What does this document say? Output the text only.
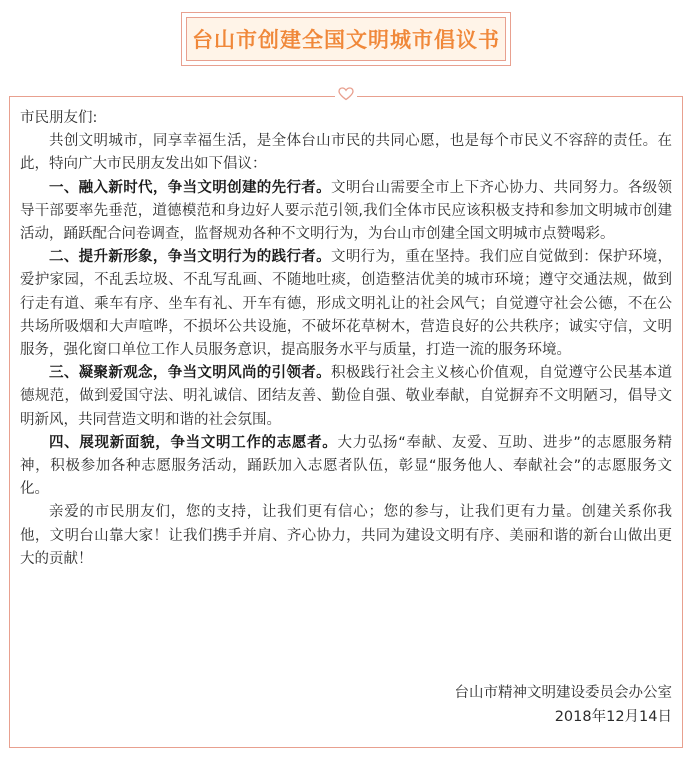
台山市创建全国文明城市倡议书

市民朋友们:

共创文明城市，同享幸福生活，是全体台山市民的共同心愿，也是每个市民义不容辞的责任。在此，特向广大市民朋友发出如下倡议：

一、融入新时代，争当文明创建的先行者。文明台山需要全市上下齐心协力、共同努力。各级领导干部要率先垂范，道德模范和身边好人要示范引领,我们全体市民应该积极支持和参加文明城市创建活动，踊跃配合问卷调查，监督规劝各种不文明行为，为台山市创建全国文明城市点赞喝彩。

二、提升新形象，争当文明行为的践行者。文明行为，重在坚持。我们应自觉做到：保护环境，爱护家园，不乱丢垃圾、不乱写乱画、不随地吐痰，创造整洁优美的城市环境；遵守交通法规，做到行走有道、乘车有序、坐车有礼、开车有德，形成文明礼让的社会风气；自觉遵守社会公德，不在公共场所吸烟和大声喧哗，不损坏公共设施，不破坏花草树木，营造良好的公共秩序；诚实守信，文明服务，强化窗口单位工作人员服务意识，提高服务水平与质量，打造一流的服务环境。

三、凝聚新观念，争当文明风尚的引领者。积极践行社会主义核心价值观，自觉遵守公民基本道德规范，做到爱国守法、明礼诚信、团结友善、勤俭自强、敬业奉献，自觉摒弃不文明陋习，倡导文明新风，共同营造文明和谐的社会氛围。

四、展现新面貌，争当文明工作的志愿者。大力弘扬“奉献、友爱、互助、进步”的志愿服务精神，积极参加各种志愿服务活动，踊跃加入志愿者队伍，彰显“服务他人、奉献社会”的志愿服务文化。

亲爱的市民朋友们，您的支持，让我们更有信心；您的参与，让我们更有力量。创建关系你我他，文明台山靠大家！让我们携手并肩、齐心协力，共同为建设文明有序、美丽和谐的新台山做出更大的贡献！

台山市精神文明建设委员会办公室
2018年12月14日
